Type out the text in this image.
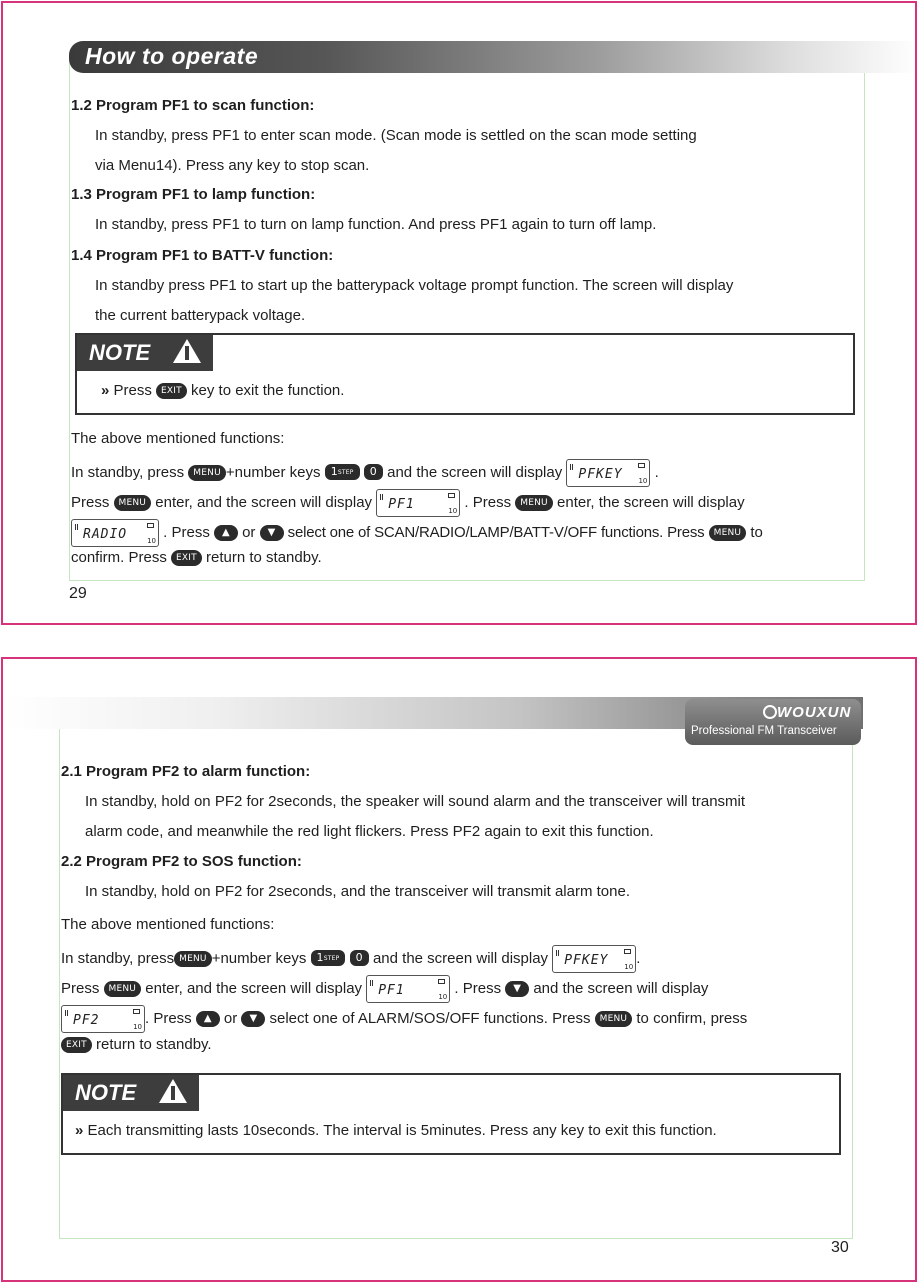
How to operate
1.2 Program PF1 to scan function:
In standby, press PF1 to enter scan mode. (Scan mode is settled on the scan mode setting
via Menu14). Press any key to stop scan.
1.3 Program PF1 to lamp function:
In standby, press PF1 to turn on lamp function. And press PF1 again to turn off lamp.
1.4 Program PF1 to BATT-V function:
In standby press PF1 to start up the batterypack voltage prompt function. The screen will display
the current batterypack voltage.
NOTE
» Press EXIT key to exit the function.
The above mentioned functions:
In standby, press MENU +number keys 1STEP 0 and the screen will display PFKEY 10 .
Press MENU enter, and the screen will display PF1	10 . Press MENU enter, the screen will display
RADIO	10 . Press ▲ or ▼ select one of SCAN/RADIO/LAMP/BATT-V/OFF functions. Press MENU to
confirm. Press EXIT return to standby.
29
WOUXUN
Professional FM Transceiver
2.1 Program PF2 to alarm function:
In standby, hold on PF2 for 2seconds, the speaker will sound alarm and the transceiver will transmit
alarm code, and meanwhile the red light flickers. Press PF2 again to exit this function.
2.2 Program PF2 to SOS function:
In standby, hold on PF2 for 2seconds, and the transceiver will transmit alarm tone.
The above mentioned functions:
In standby, press MENU +number keys 1STEP 0 and the screen will display PFKEY 10 .
Press MENU enter, and the screen will display PF1	10 . Press ▼ and the screen will display
PF2	10 . Press ▲ or ▼ select one of ALARM/SOS/OFF functions. Press MENU to confirm, press
EXIT return to standby.
NOTE
» Each transmitting lasts 10seconds. The interval is 5minutes. Press any key to exit this function.
30
